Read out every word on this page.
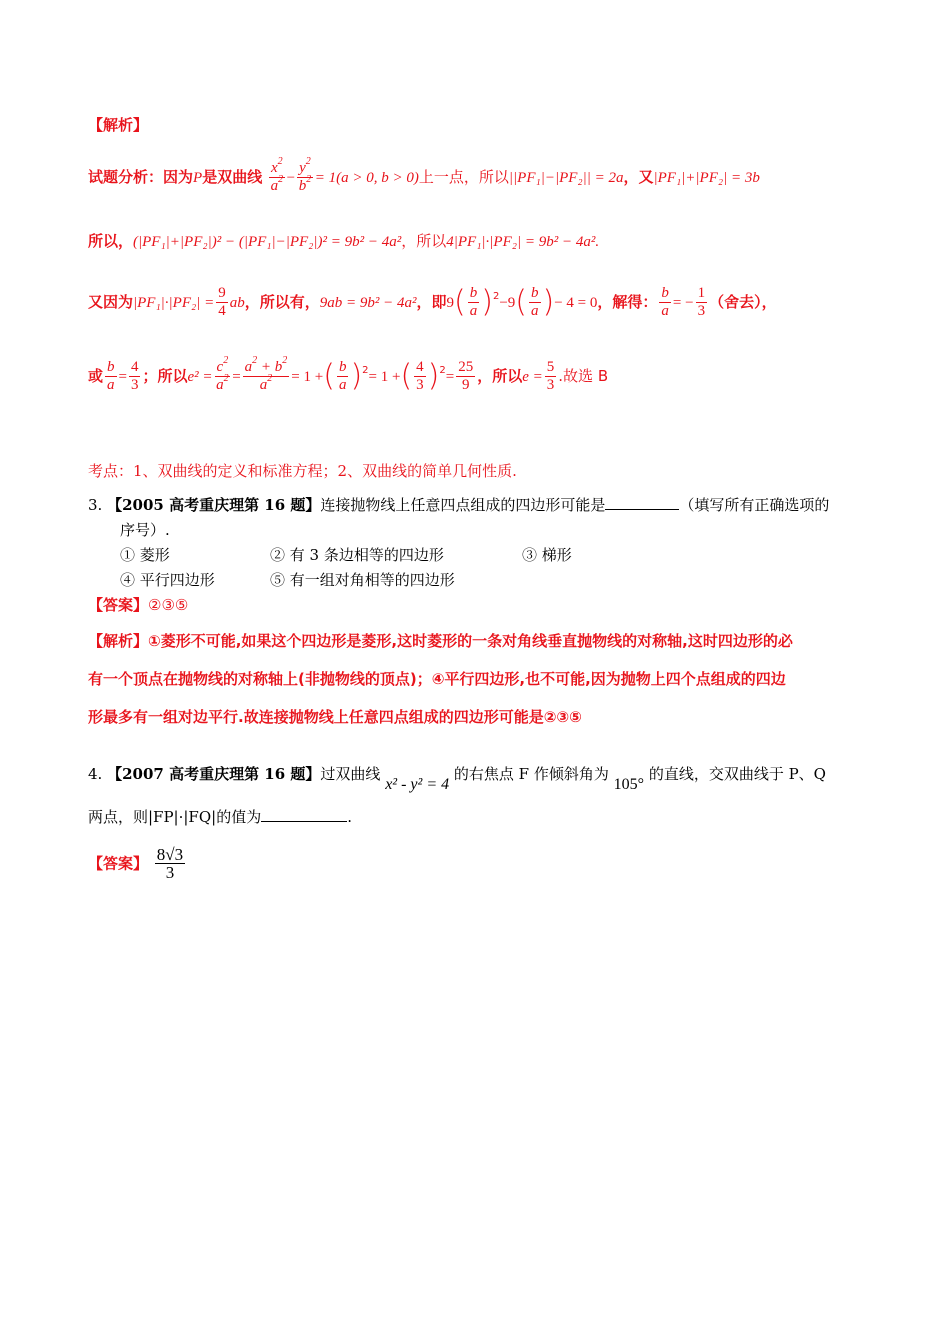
【解析】
试题分析：因为P是双曲线 $\frac{x^2}{a^2} - \frac{y^2}{b^2} = 1(a > 0$, b > 0)上一点，所以||PF₁|−|PF₂|| = 2a，又|PF₁|+|PF₂| = 3b
所以，(|PF₁|+|PF₂|)² − (|PF₁|−|PF₂|)² = 9b² − 4a²，所以4|PF₁|·|PF₂| = 9b² − 4a².
又因为$|PF_1|\cdot|PF_2| = \frac{9}{4}$ ab，所以有，9ab = 9b² − 4a²，即$9( \frac{b}{a} )^2-9( \frac{b}{a}$ )− 4 = 0，解得： $\frac{b}{a}$ = − $\frac{1}{3}$ （舍去），
或 $\frac{b}{a} = \frac{4}{3}$ ；所以$e^2 = \frac{c^2}{a^2} = \frac{a^2 + b^2}{a^2} = 1$ +( $\frac{b}{a} )^2= 1$ +( $\frac{4}{3} )^2= \frac{25}{9}$ ，所以$e = \frac{5}{3}$ .故选 B
考点：1、双曲线的定义和标准方程；2、双曲线的简单几何性质.
3. 【2005 高考重庆理第 16 题】连接抛物线上任意四点组成的四边形可能是	（填写所有正确选项的
序号）.
① 菱形	② 有 3 条边相等的四边形	③ 梯形
④ 平行四边形	⑤ 有一组对角相等的四边形
【答案】②③⑤
【解析】①菱形不可能,如果这个四边形是菱形,这时菱形的一条对角线垂直抛物线的对称轴,这时四边形的必
有一个顶点在抛物线的对称轴上(非抛物线的顶点)；④平行四边形,也不可能,因为抛物上四个点组成的四边
形最多有一组对边平行.故连接抛物线上任意四点组成的四边形可能是②③⑤
4. 【2007 高考重庆理第 16 题】过双曲线 x² - y² = 4 的右焦点 F 作倾斜角为 105° 的直线，交双曲线于 P、Q
两点，则|FP|·|FQ|的值为	.
【答案】 $\frac{8√3}{3}$
